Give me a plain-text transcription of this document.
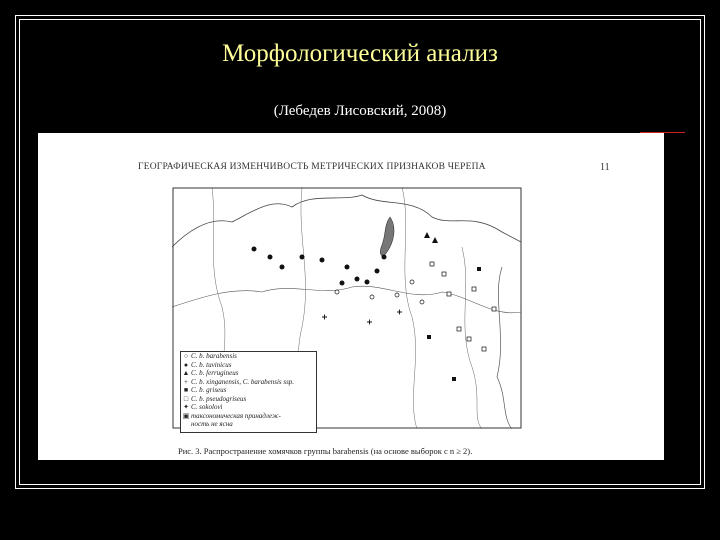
Морфологический анализ
(Лебедев Лисовский, 2008)
ГЕОГРАФИЧЕСКАЯ ИЗМЕНЧИВОСТЬ МЕТРИЧЕСКИХ ПРИЗНАКОВ ЧЕРЕПА	11
○ C. b. barabensis
● C. b. tuvinicus
▲ C. b. ferrugineus
+ C. b. xinganensis, C. barabensis ssp.
■ C. b. griseus
□ C. b. pseudogriseus
✦ C. sokolovi
▣ таксономическая принадлеж-
ность не ясна
Рис. 3. Распространение хомячков группы barabensis (на основе выборок с n ≥ 2).
